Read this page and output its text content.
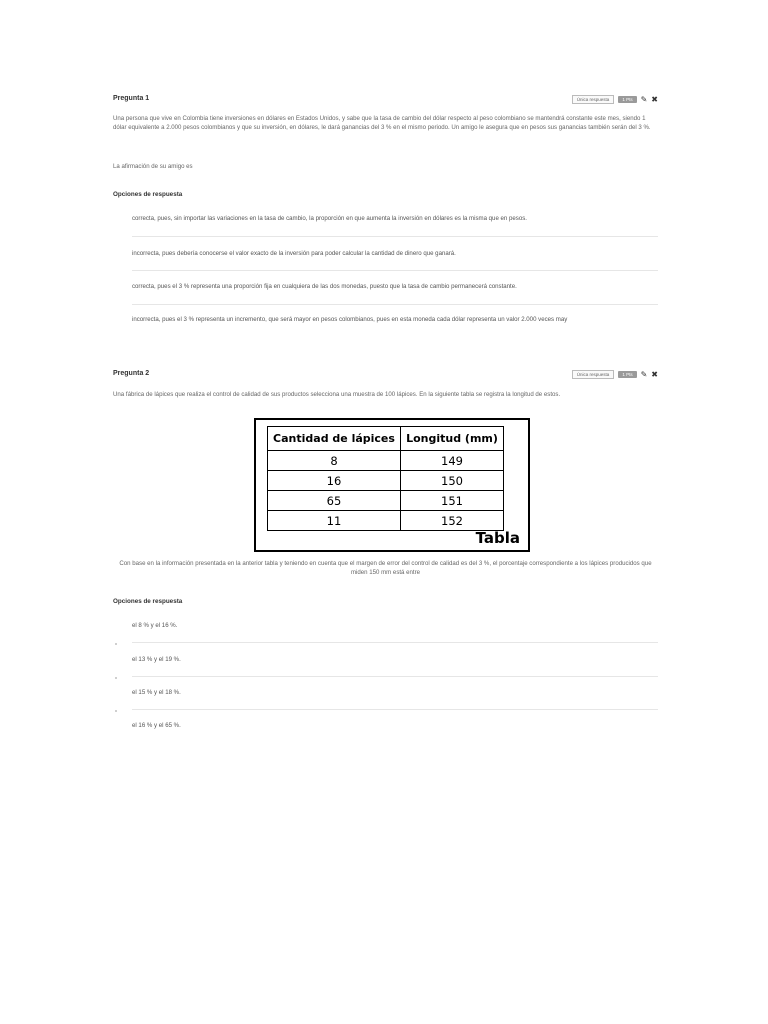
Pregunta 1	Única respuesta	1 Pts	✎ ✖
Una persona que vive en Colombia tiene inversiones en dólares en Estados Unidos, y sabe que la tasa de cambio del dólar respecto al peso colombiano se mantendrá constante este mes, siendo 1 dólar equivalente a 2.000 pesos colombianos y que su inversión, en dólares, le dará ganancias del 3 % en el mismo periodo. Un amigo le asegura que en pesos sus ganancias también serán del 3 %.
La afirmación de su amigo es
Opciones de respuesta
correcta, pues, sin importar las variaciones en la tasa de cambio, la proporción en que aumenta la inversión en dólares es la misma que en pesos.
incorrecta, pues debería conocerse el valor exacto de la inversión para poder calcular la cantidad de dinero que ganará.
correcta, pues el 3 % representa una proporción fija en cualquiera de las dos monedas, puesto que la tasa de cambio permanecerá constante.
incorrecta, pues el 3 % representa un incremento, que será mayor en pesos colombianos, pues en esta moneda cada dólar representa un valor 2.000 veces may
Pregunta 2	Única respuesta	1 Pts	✎ ✖
Una fábrica de lápices que realiza el control de calidad de sus productos selecciona una muestra de 100 lápices. En la siguiente tabla se registra la longitud de estos.
Cantidad de lápices	Longitud (mm)
8	149
16	150
65	151
11	152
Tabla
Con base en la información presentada en la anterior tabla y teniendo en cuenta que el margen de error del control de calidad es del 3 %, el porcentaje correspondiente a los lápices producidos que miden 150 mm está entre
Opciones de respuesta
el 8 % y el 16 %.
el 13 % y el 19 %.
el 15 % y el 18 %.
el 16 % y el 65 %.
